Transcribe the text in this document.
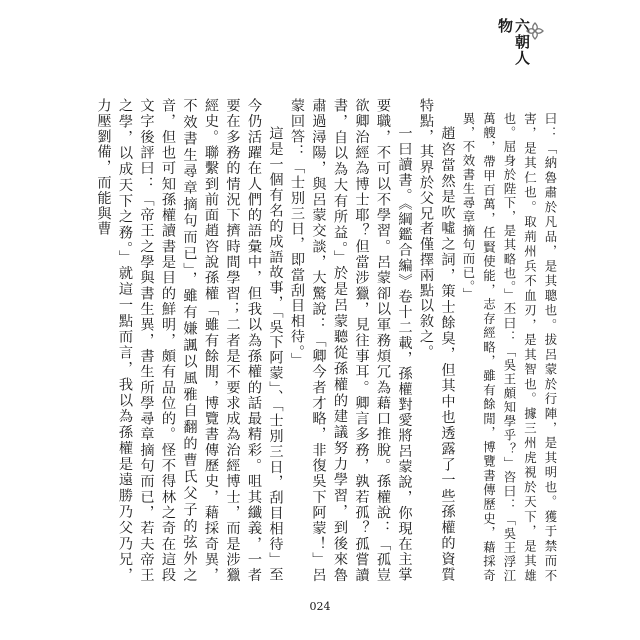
六朝人物

曰：「納魯肅於凡品，是其聰也。拔呂蒙於行陣，是其明也。獲于禁而不害，是其仁也。取荊州兵不血刃，是其智也。據三州虎視於天下，是其雄也。屈身於陛下，是其略也。」丕曰：「吳王頗知學乎？」咨曰：「吳王浮江萬艘，帶甲百萬，任賢使能，志存經略，雖有餘閒，博覽書傳歷史，藉採奇異，不效書生尋章摘句而已。」

趙咨當然是吹噓之詞，策士餘臭，但其中也透露了一些孫權的資質特點，其界於父兄者僅擇兩點以敘之。

一曰讀書。《綱鑑合編》卷十二載，孫權對愛將呂蒙說，你現在主掌要職，不可以不學習。呂蒙卻以軍務煩冗為藉口推脫。孫權說：「孤豈欲卿治經為博士耶？但當涉獵，見往事耳。卿言多務，孰若孤？孤嘗讀書，自以為大有所益。」於是呂蒙聽從孫權的建議努力學習，到後來魯肅過潯陽，與呂蒙交談，大驚說：「卿今者才略，非復吳下阿蒙！」呂蒙回答：「士別三日，即當刮目相待。」

這是一個有名的成語故事，「吳下阿蒙」、「士別三日，刮目相待」至今仍活躍在人們的語彙中，但我以為孫權的話最精彩。咀其纖義，一者要在多務的情況下擠時間學習；二者是不要求成為治經博士，而是涉獵經史。聯繫到前面趙咨說孫權「雖有餘閒，博覽書傳歷史，藉採奇異，不效書生尋章摘句而已」，雖有嫌諷以風雅自翻的曹氏父子的弦外之音，但也可知孫權讀書是目的鮮明，頗有品位的。怪不得林之奇在這段文字後評曰：「帝王之學與書生異，書生所學尋章摘句而已，若夫帝王之學，以成天下之務。」就這一點而言，我以為孫權是遠勝乃父乃兄，力壓劉備，而能與曹

024
